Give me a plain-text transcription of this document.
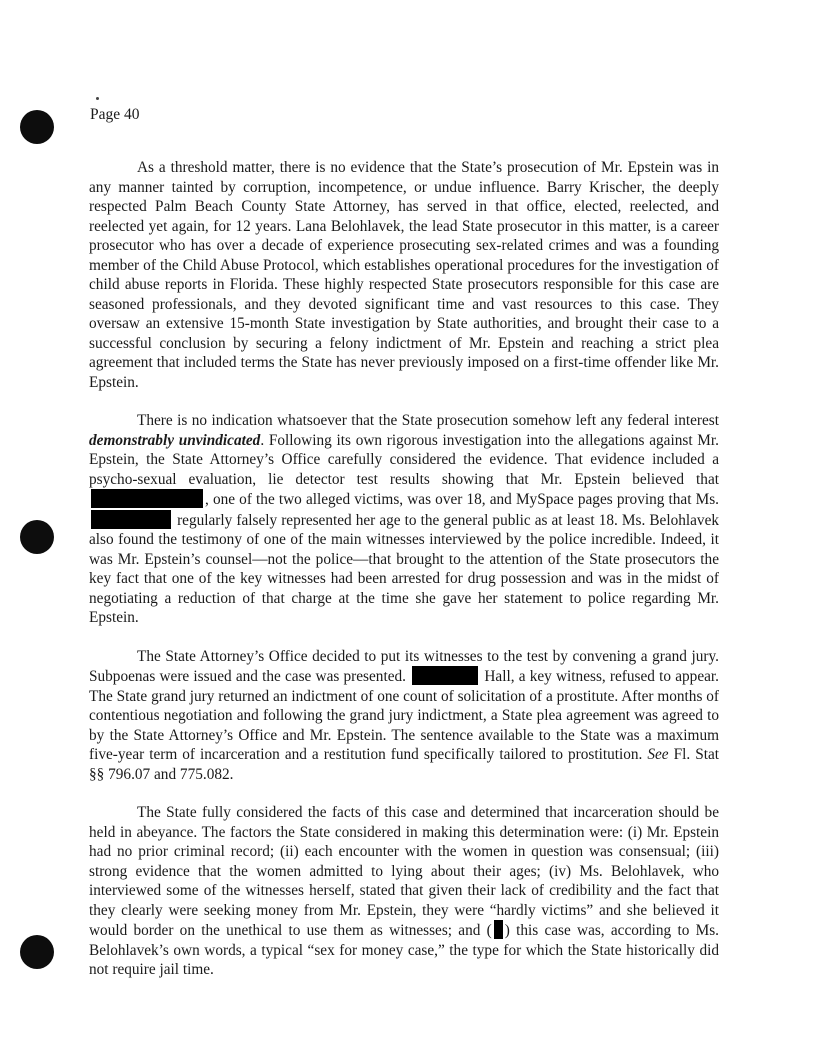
Page 40

As a threshold matter, there is no evidence that the State’s prosecution of Mr. Epstein was in any manner tainted by corruption, incompetence, or undue influence. Barry Krischer, the deeply respected Palm Beach County State Attorney, has served in that office, elected, reelected, and reelected yet again, for 12 years. Lana Belohlavek, the lead State prosecutor in this matter, is a career prosecutor who has over a decade of experience prosecuting sex-related crimes and was a founding member of the Child Abuse Protocol, which establishes operational procedures for the investigation of child abuse reports in Florida. These highly respected State prosecutors responsible for this case are seasoned professionals, and they devoted significant time and vast resources to this case. They oversaw an extensive 15-month State investigation by State authorities, and brought their case to a successful conclusion by securing a felony indictment of Mr. Epstein and reaching a strict plea agreement that included terms the State has never previously imposed on a first-time offender like Mr. Epstein.

There is no indication whatsoever that the State prosecution somehow left any federal interest demonstrably unvindicated. Following its own rigorous investigation into the allegations against Mr. Epstein, the State Attorney’s Office carefully considered the evidence. That evidence included a psycho-sexual evaluation, lie detector test results showing that Mr. Epstein believed that, one of the two alleged victims, was over 18, and MySpace pages proving that Ms.  regularly falsely represented her age to the general public as at least 18. Ms. Belohlavek also found the testimony of one of the main witnesses interviewed by the police incredible. Indeed, it was Mr. Epstein’s counsel—not the police—that brought to the attention of the State prosecutors the key fact that one of the key witnesses had been arrested for drug possession and was in the midst of negotiating a reduction of that charge at the time she gave her statement to police regarding Mr. Epstein.

The State Attorney’s Office decided to put its witnesses to the test by convening a grand jury. Subpoenas were issued and the case was presented.	Hall, a key witness, refused to appear. The State grand jury returned an indictment of one count of solicitation of a prostitute. After months of contentious negotiation and following the grand jury indictment, a State plea agreement was agreed to by the State Attorney’s Office and Mr. Epstein. The sentence available to the State was a maximum five-year term of incarceration and a restitution fund specifically tailored to prostitution. See Fl. Stat §§ 796.07 and 775.082.

The State fully considered the facts of this case and determined that incarceration should be held in abeyance. The factors the State considered in making this determination were: (i) Mr. Epstein had no prior criminal record; (ii) each encounter with the women in question was consensual; (iii) strong evidence that the women admitted to lying about their ages; (iv) Ms. Belohlavek, who interviewed some of the witnesses herself, stated that given their lack of credibility and the fact that they clearly were seeking money from Mr. Epstein, they were “hardly victims” and she believed it would border on the unethical to use them as witnesses; and ( ) this case was, according to Ms. Belohlavek’s own words, a typical “sex for money case,” the type for which the State historically did not require jail time.
